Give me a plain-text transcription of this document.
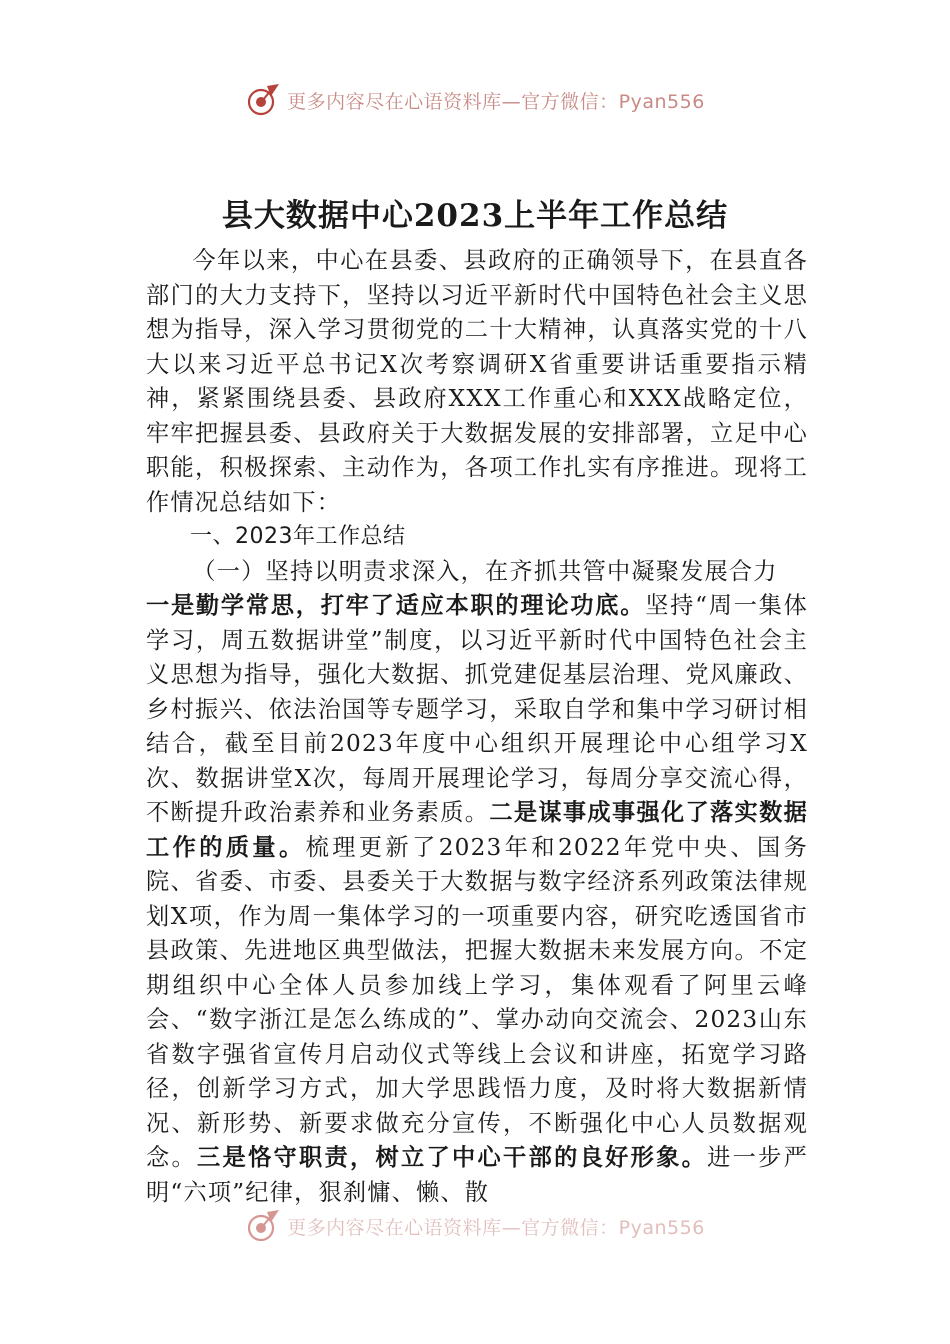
更多内容尽在心语资料库—官方微信：Pyan556
县大数据中心2023上半年工作总结

今年以来，中心在县委、县政府的正确领导下，在县直各部门的大力支持下，坚持以习近平新时代中国特色社会主义思想为指导，深入学习贯彻党的二十大精神，认真落实党的十八大以来习近平总书记X次考察调研X省重要讲话重要指示精神，紧紧围绕县委、县政府XXX工作重心和XXX战略定位，牢牢把握县委、县政府关于大数据发展的安排部署，立足中心职能，积极探索、主动作为，各项工作扎实有序推进。现将工作情况总结如下：

一、2023年工作总结

（一）坚持以明责求深入，在齐抓共管中凝聚发展合力

一是勤学常思，打牢了适应本职的理论功底。坚持“周一集体学习，周五数据讲堂”制度，以习近平新时代中国特色社会主义思想为指导，强化大数据、抓党建促基层治理、党风廉政、乡村振兴、依法治国等专题学习，采取自学和集中学习研讨相结合，截至目前2023年度中心组织开展理论中心组学习X次、数据讲堂X次，每周开展理论学习，每周分享交流心得，不断提升政治素养和业务素质。二是谋事成事强化了落实数据工作的质量。梳理更新了2023年和2022年党中央、国务院、省委、市委、县委关于大数据与数字经济系列政策法律规划X项，作为周一集体学习的一项重要内容，研究吃透国省市县政策、先进地区典型做法，把握大数据未来发展方向。不定期组织中心全体人员参加线上学习，集体观看了阿里云峰会、“数字浙江是怎么练成的”、掌办动向交流会、2023山东省数字强省宣传月启动仪式等线上会议和讲座，拓宽学习路径，创新学习方式，加大学思践悟力度，及时将大数据新情况、新形势、新要求做充分宣传，不断强化中心人员数据观念。三是恪守职责，树立了中心干部的良好形象。进一步严明“六项”纪律，狠刹慵、懒、散

更多内容尽在心语资料库—官方微信：Pyan556
